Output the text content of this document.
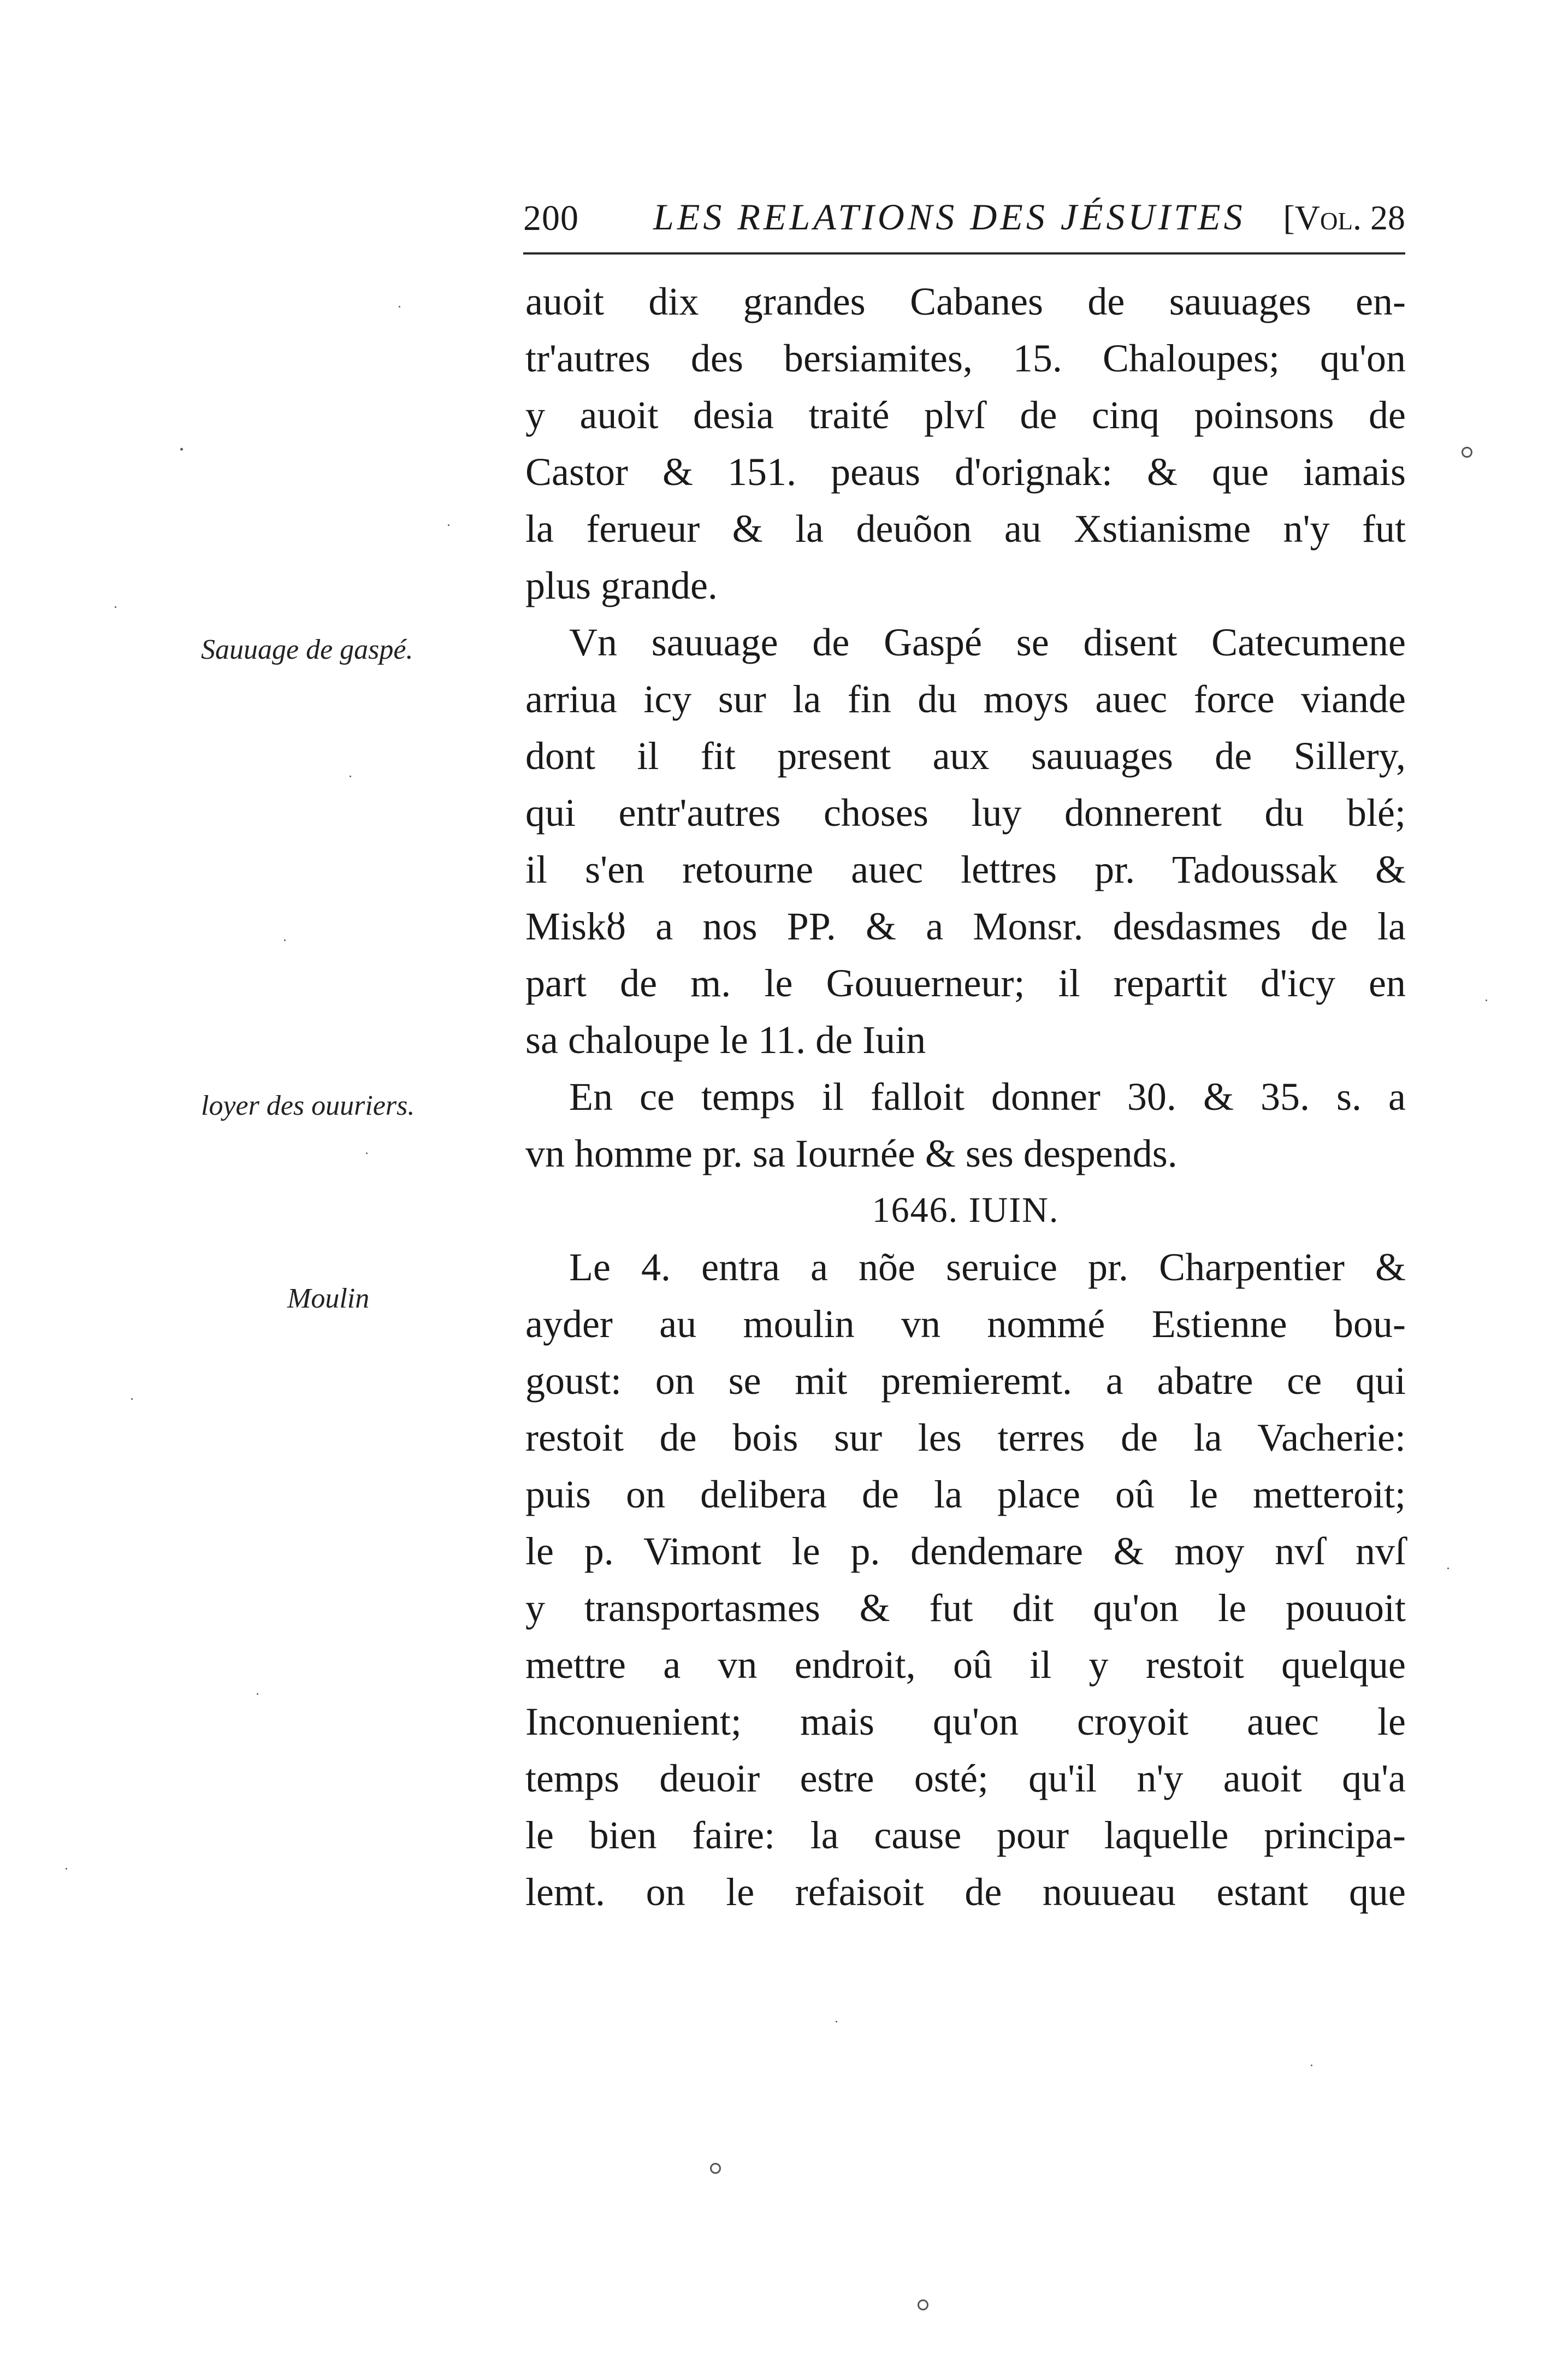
200 LES RELATIONS DES JÉSUITES [Vol. 28
Sauuage de gaspé.
loyer des ouuriers.
Moulin
auoit dix grandes Cabanes de sauuages en-
tr'autres des bersiamites, 15. Chaloupes; qu'on
y auoit desia traité plvſ de cinq poinsons de
Castor & 151. peaus d'orignak: & que iamais
la ferueur & la deuõon au Xstianisme n'y fut
plus grande.
Vn sauuage de Gaspé se disent Catecumene
arriua icy sur la fin du moys auec force viande
dont il fit present aux sauuages de Sillery,
qui entr'autres choses luy donnerent du blé;
il s'en retourne auec lettres pr. Tadoussak &
Miskȣ a nos PP. & a Monsr. desdasmes de la
part de m. le Gouuerneur; il repartit d'icy en
sa chaloupe le 11. de Iuin
En ce temps il falloit donner 30. & 35. s. a
vn homme pr. sa Iournée & ses despends.
1646. IUIN.
Le 4. entra a nõe seruice pr. Charpentier &
ayder au moulin vn nommé Estienne bou-
goust: on se mit premieremt. a abatre ce qui
restoit de bois sur les terres de la Vacherie:
puis on delibera de la place oû le metteroit;
le p. Vimont le p. dendemare & moy nvſ nvſ
y transportasmes & fut dit qu'on le pouuoit
mettre a vn endroit, oû il y restoit quelque
Inconuenient; mais qu'on croyoit auec le
temps deuoir estre osté; qu'il n'y auoit qu'a
le bien faire: la cause pour laquelle principa-
lemt. on le refaisoit de nouueau estant que
